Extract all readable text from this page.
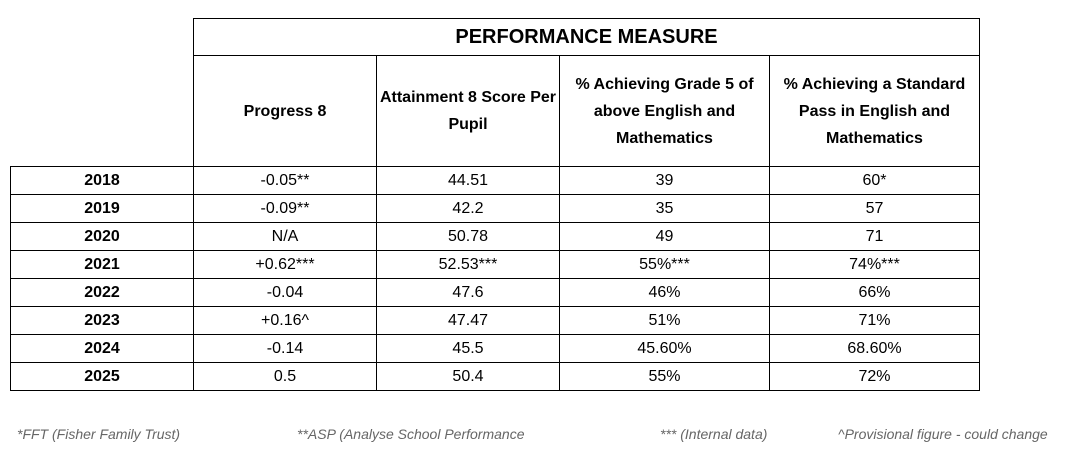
	PERFORMANCE MEASURE			
	Progress 8	Attainment 8 Score Per Pupil	% Achieving Grade 5 of above English and Mathematics	% Achieving a Standard Pass in English and Mathematics
2018	-0.05**	44.51	39	60*
2019	-0.09**	42.2	35	57
2020	N/A	50.78	49	71
2021	+0.62***	52.53***	55%***	74%***
2022	-0.04	47.6	46%	66%
2023	+0.16^	47.47	51%	71%
2024	-0.14	45.5	45.60%	68.60%
2025	0.5	50.4	55%	72%
*FFT (Fisher Family Trust)	**ASP (Analyse School Performance	*** (Internal data)	^Provisional figure - could change
